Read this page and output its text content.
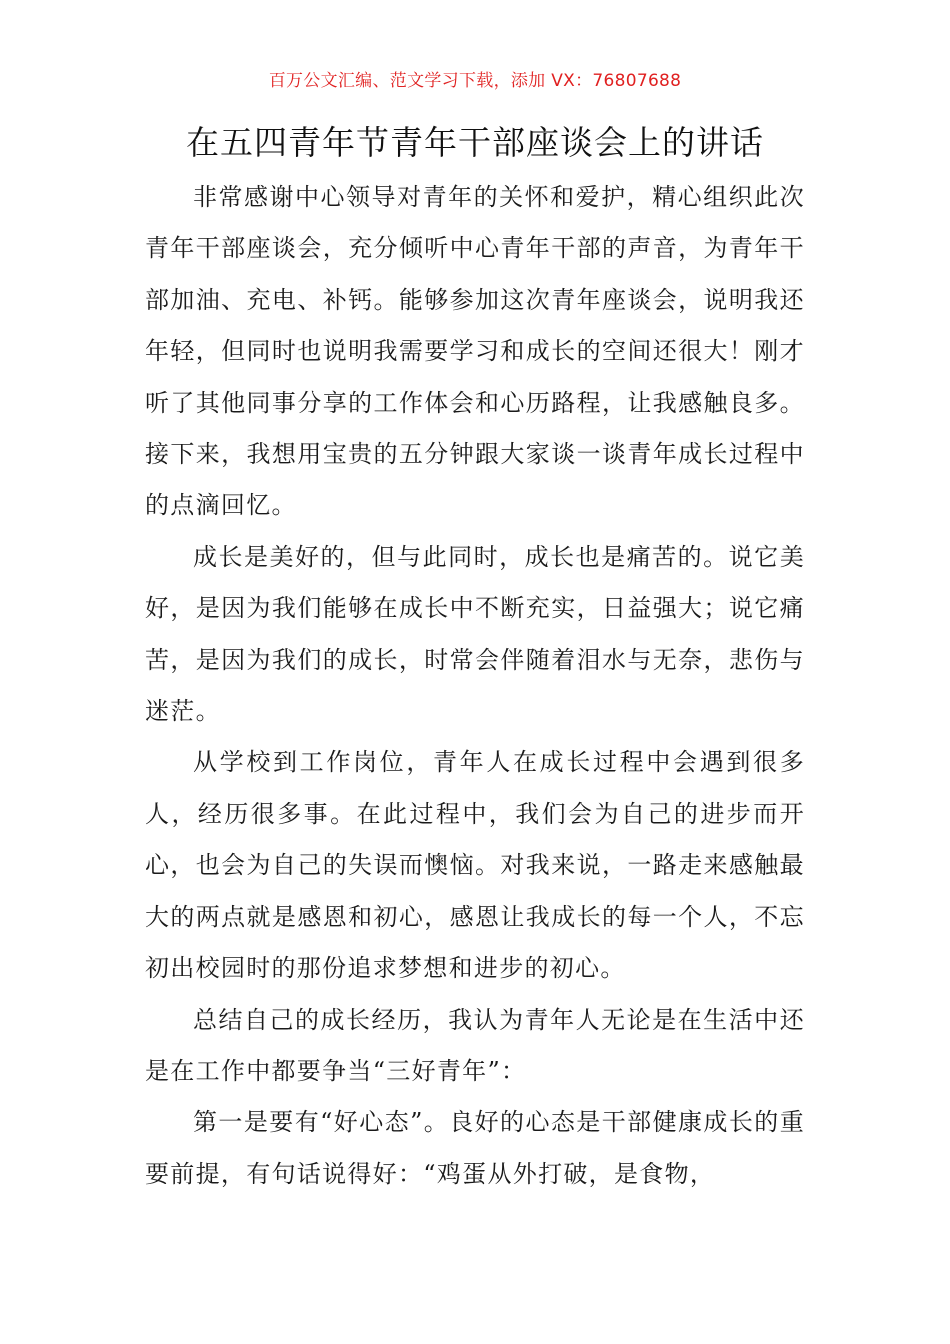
百万公文汇编、范文学习下载，添加 VX：76807688
在五四青年节青年干部座谈会上的讲话

非常感谢中心领导对青年的关怀和爱护，精心组织此次青年干部座谈会，充分倾听中心青年干部的声音，为青年干部加油、充电、补钙。能够参加这次青年座谈会，说明我还年轻，但同时也说明我需要学习和成长的空间还很大！刚才听了其他同事分享的工作体会和心历路程，让我感触良多。接下来，我想用宝贵的五分钟跟大家谈一谈青年成长过程中的点滴回忆。

成长是美好的，但与此同时，成长也是痛苦的。说它美好，是因为我们能够在成长中不断充实，日益强大；说它痛苦，是因为我们的成长，时常会伴随着泪水与无奈，悲伤与迷茫。

从学校到工作岗位，青年人在成长过程中会遇到很多人，经历很多事。在此过程中，我们会为自己的进步而开心，也会为自己的失误而懊恼。对我来说，一路走来感触最大的两点就是感恩和初心，感恩让我成长的每一个人，不忘初出校园时的那份追求梦想和进步的初心。

总结自己的成长经历，我认为青年人无论是在生活中还是在工作中都要争当“三好青年”：

第一是要有“好心态”。良好的心态是干部健康成长的重要前提，有句话说得好：“鸡蛋从外打破，是食物，
